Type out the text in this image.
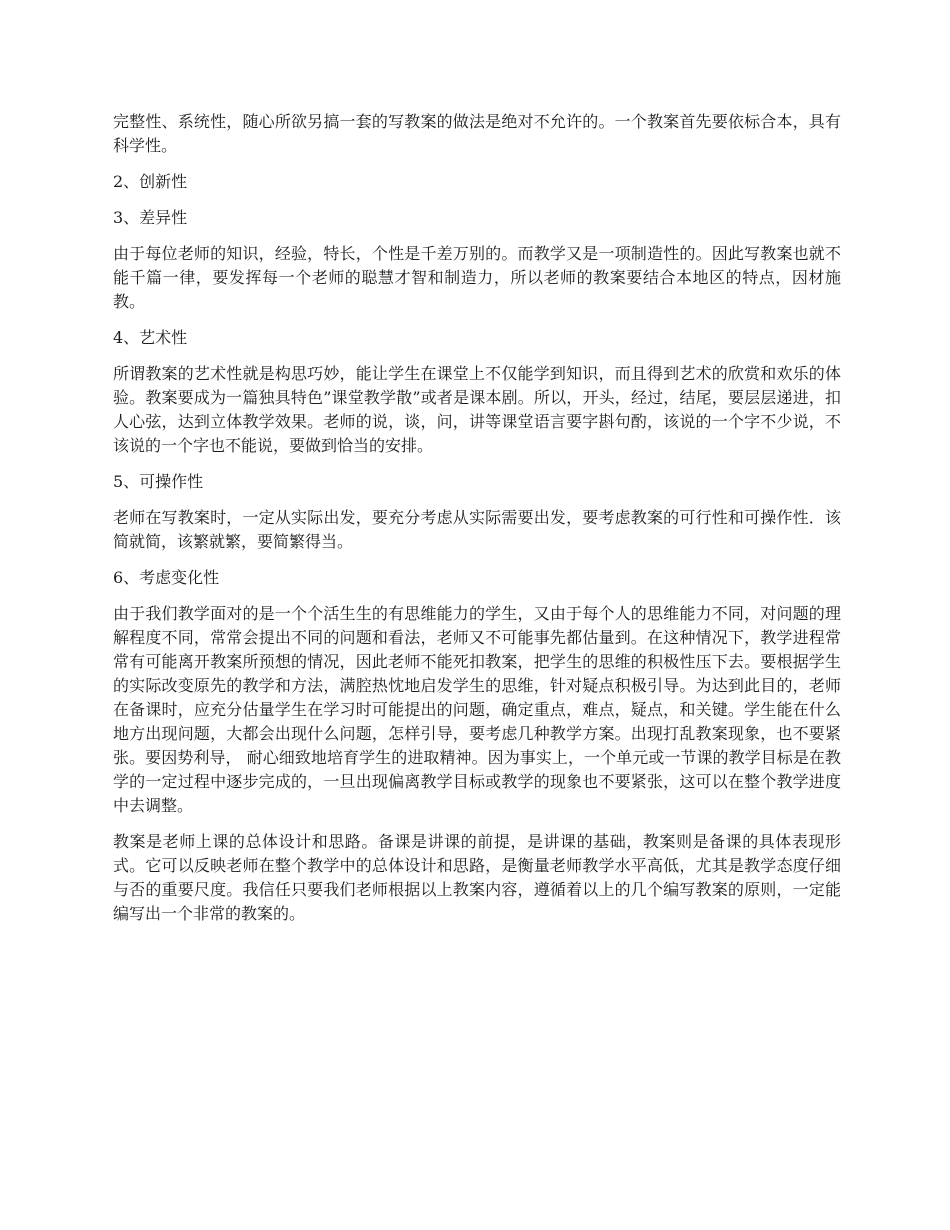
完整性、系统性，随心所欲另搞一套的写教案的做法是绝对不允许的。一个教案首先要依标合本，具有科学性。

2、创新性

3、差异性

由于每位老师的知识，经验，特长，个性是千差万别的。而教学又是一项制造性的。因此写教案也就不能千篇一律，要发挥每一个老师的聪慧才智和制造力，所以老师的教案要结合本地区的特点，因材施教。

4、艺术性

所谓教案的艺术性就是构思巧妙，能让学生在课堂上不仅能学到知识，而且得到艺术的欣赏和欢乐的体验。教案要成为一篇独具特色”课堂教学散”或者是课本剧。所以，开头，经过，结尾，要层层递进，扣人心弦，达到立体教学效果。老师的说，谈，问，讲等课堂语言要字斟句酌，该说的一个字不少说，不该说的一个字也不能说，要做到恰当的安排。

5、可操作性

老师在写教案时，一定从实际出发，要充分考虑从实际需要出发，要考虑教案的可行性和可操作性．该简就简，该繁就繁，要简繁得当。

6、考虑变化性

由于我们教学面对的是一个个活生生的有思维能力的学生，又由于每个人的思维能力不同，对问题的理解程度不同，常常会提出不同的问题和看法，老师又不可能事先都估量到。在这种情况下，教学进程常常有可能离开教案所预想的情况，因此老师不能死扣教案，把学生的思维的积极性压下去。要根据学生的实际改变原先的教学和方法，满腔热忱地启发学生的思维，针对疑点积极引导。为达到此目的，老师在备课时，应充分估量学生在学习时可能提出的问题，确定重点，难点，疑点，和关键。学生能在什么地方出现问题，大都会出现什么问题，怎样引导，要考虑几种教学方案。出现打乱教案现象，也不要紧张。要因势利导， 耐心细致地培育学生的进取精神。因为事实上，一个单元或一节课的教学目标是在教学的一定过程中逐步完成的，一旦出现偏离教学目标或教学的现象也不要紧张，这可以在整个教学进度中去调整。

教案是老师上课的总体设计和思路。备课是讲课的前提，是讲课的基础，教案则是备课的具体表现形式。它可以反映老师在整个教学中的总体设计和思路，是衡量老师教学水平高低，尤其是教学态度仔细与否的重要尺度。我信任只要我们老师根据以上教案内容，遵循着以上的几个编写教案的原则，一定能编写出一个非常的教案的。
